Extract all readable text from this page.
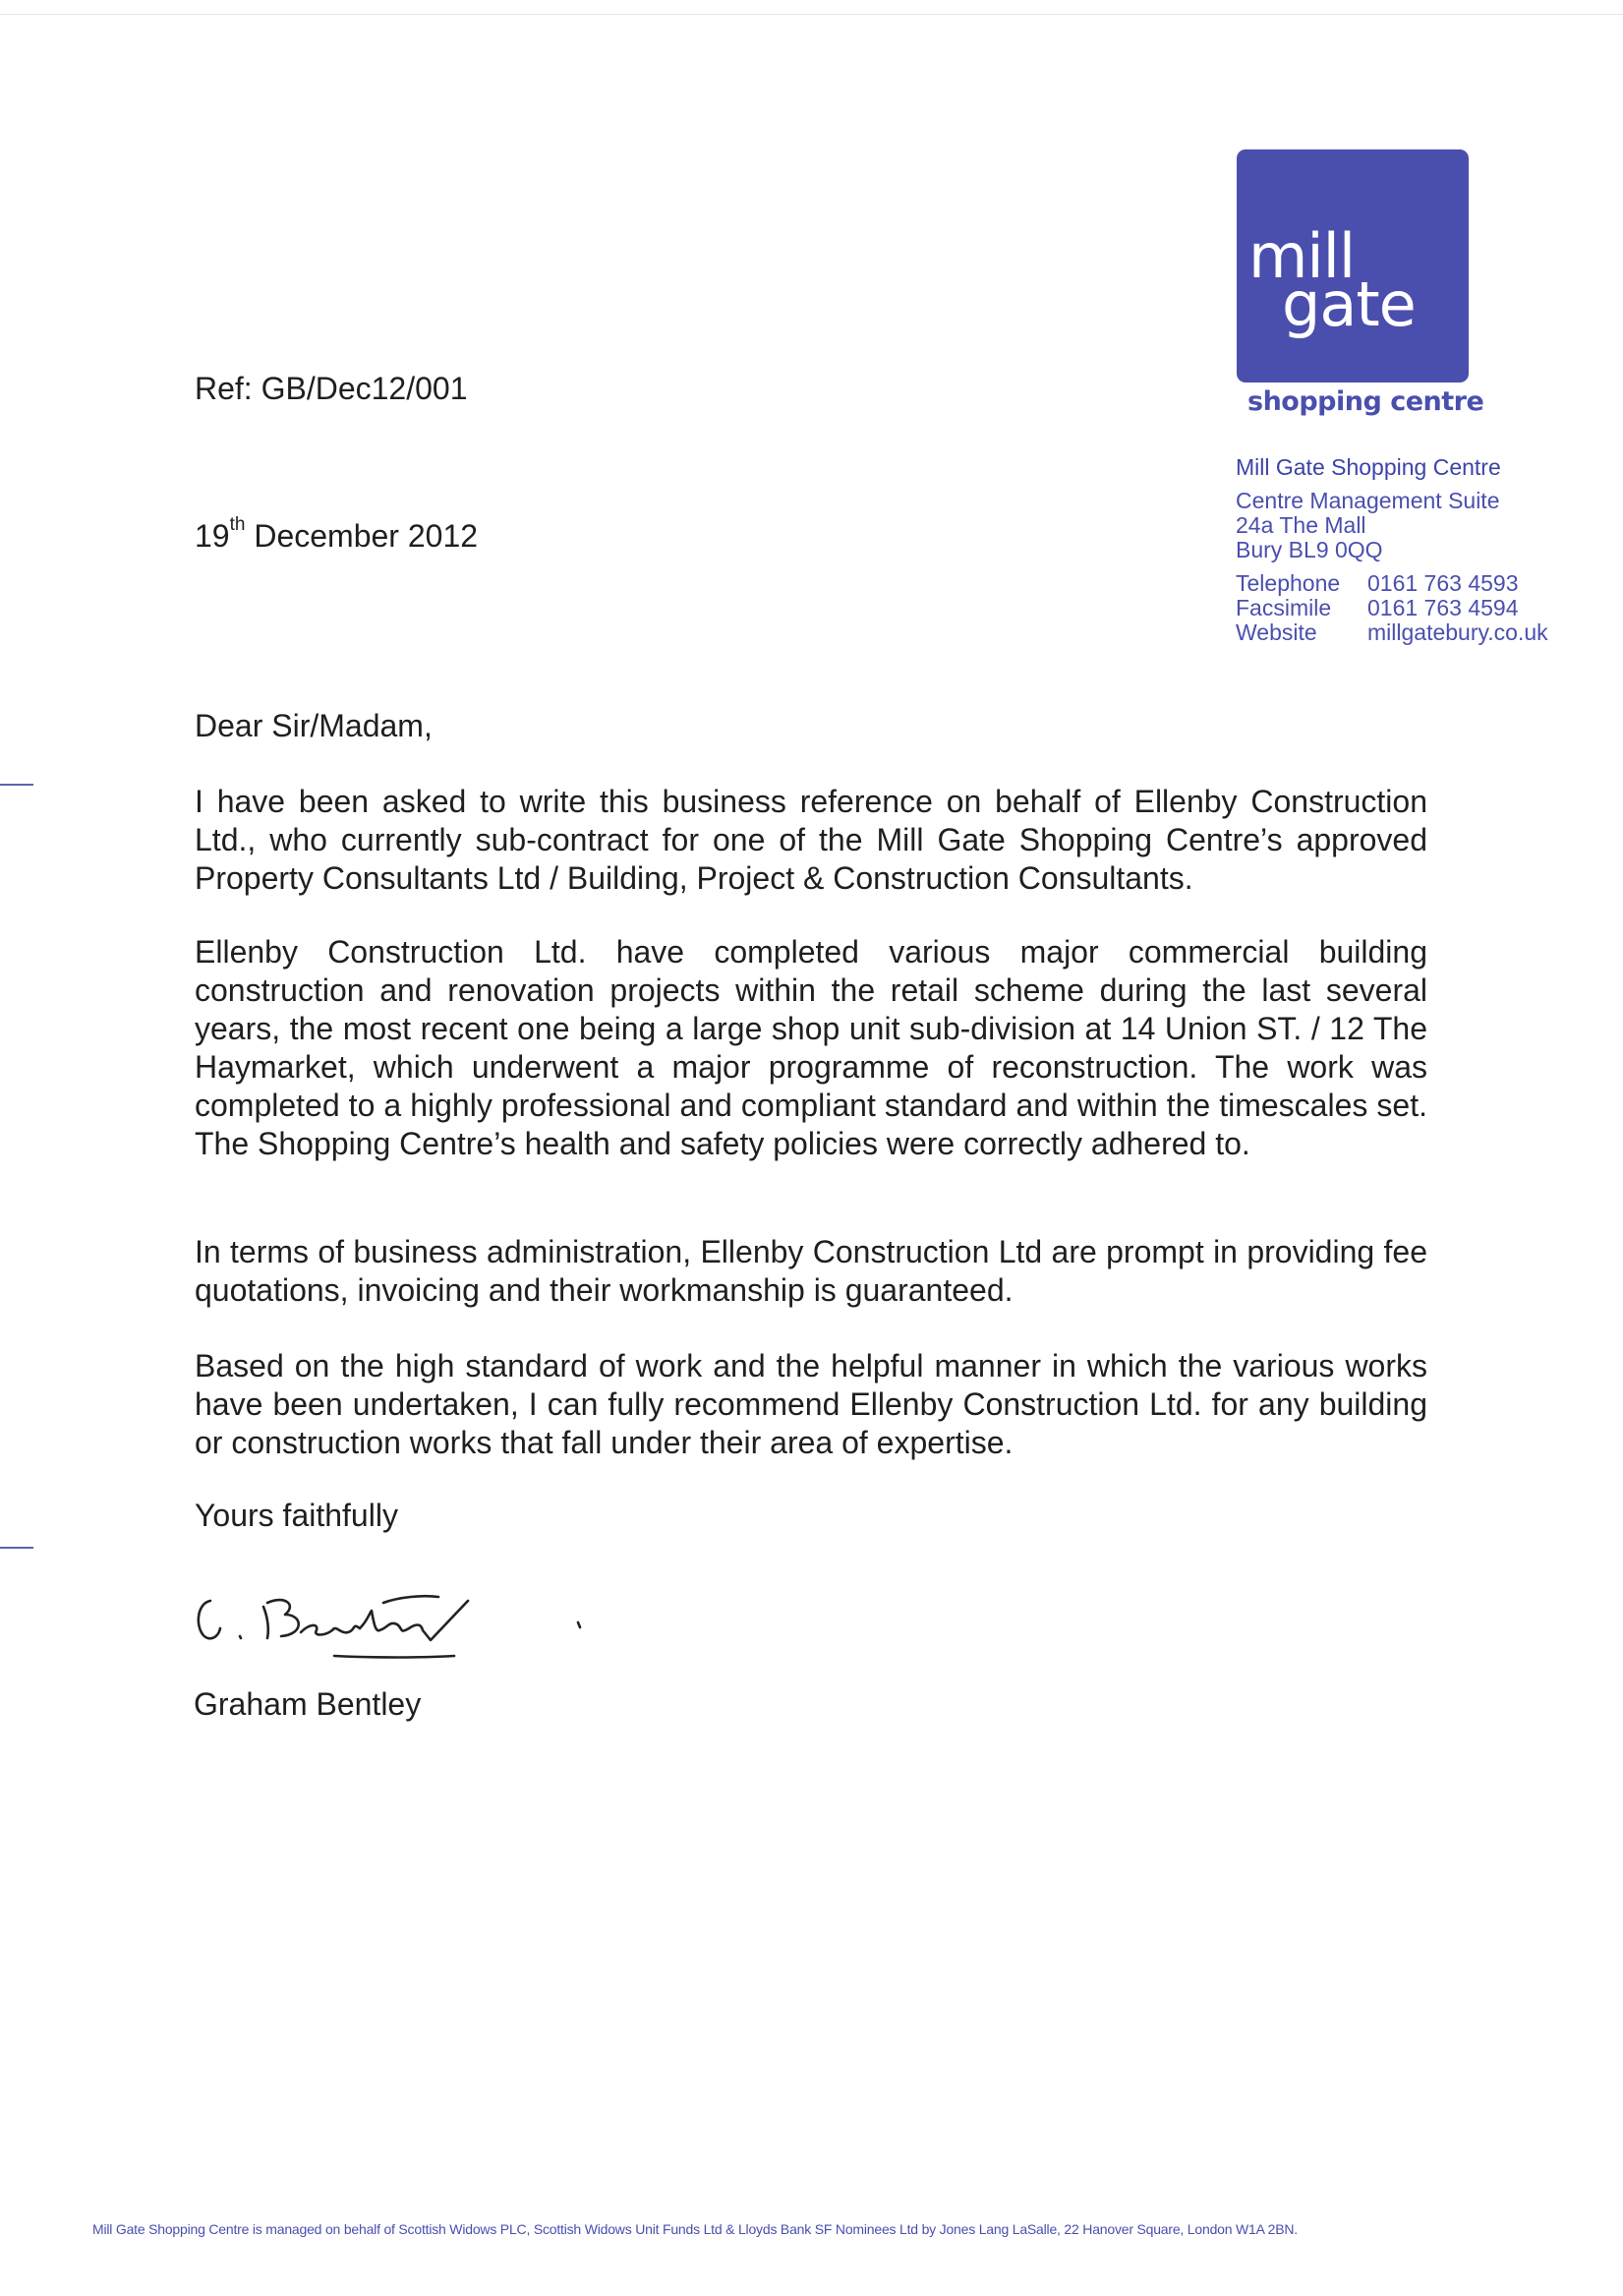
mill
gate
shopping centre
Mill Gate Shopping Centre
Centre Management Suite
24a The Mall
Bury BL9 0QQ
Telephone	0161 763 4593
Facsimile	0161 763 4594
Website	millgatebury.co.uk
Ref: GB/Dec12/001
19th December 2012
Dear Sir/Madam,

I have been asked to write this business reference on behalf of Ellenby Construction Ltd., who currently sub-contract for one of the Mill Gate Shopping Centre’s approved Property Consultants Ltd / Building, Project & Construction Consultants.

Ellenby Construction Ltd. have completed various major commercial building construction and renovation projects within the retail scheme during the last several years, the most recent one being a large shop unit sub-division at 14 Union ST. / 12 The Haymarket, which underwent a major programme of reconstruction. The work was completed to a highly professional and compliant standard and within the timescales set. The Shopping Centre’s health and safety policies were correctly adhered to.

In terms of business administration, Ellenby Construction Ltd are prompt in providing fee quotations, invoicing and their workmanship is guaranteed.

Based on the high standard of work and the helpful manner in which the various works have been undertaken, I can fully recommend Ellenby Construction Ltd. for any building or construction works that fall under their area of expertise.

Yours faithfully
Graham Bentley
Mill Gate Shopping Centre is managed on behalf of Scottish Widows PLC, Scottish Widows Unit Funds Ltd & Lloyds Bank SF Nominees Ltd by Jones Lang LaSalle, 22 Hanover Square, London W1A 2BN.
